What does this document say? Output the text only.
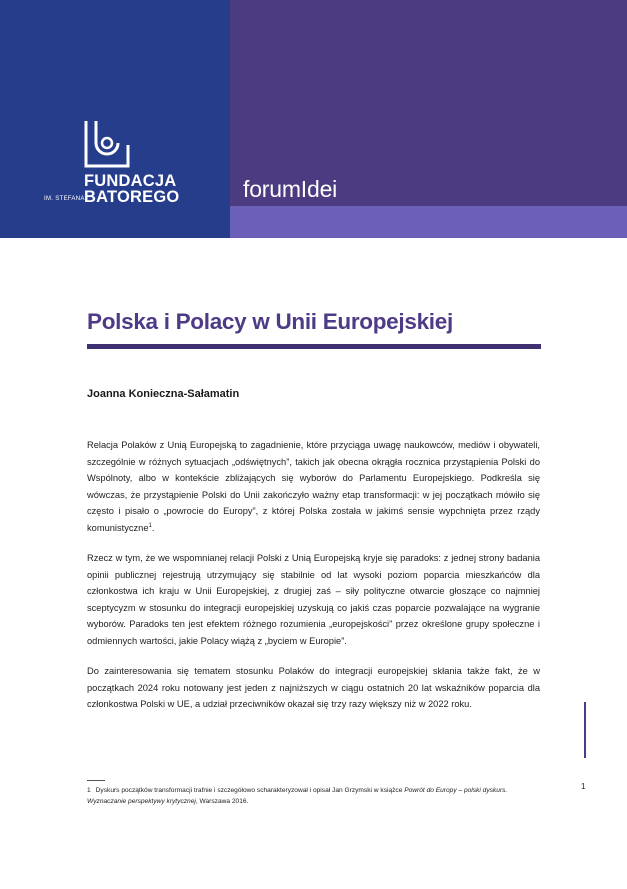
FUNDACJA
IM. STEFANA BATOREGO	forumIdei
Polska i Polacy w Unii Europejskiej

Joanna Konieczna-Sałamatin

Relacja Polaków z Unią Europejską to zagadnienie, które przyciąga uwagę naukowców, mediów i obywateli, szczególnie w różnych sytuacjach „odświętnych”, takich jak obecna okrągła rocznica przystąpienia Polski do Wspólnoty, albo w kontekście zbliżających się wyborów do Parlamentu Europejskiego. Podkreśla się wówczas, że przystąpienie Polski do Unii zakończyło ważny etap transformacji: w jej początkach mówiło się często i pisało o „powrocie do Europy”, z której Polska została w jakimś sensie wypchnięta przez rządy komunistyczne$^1$.

Rzecz w tym, że we wspomnianej relacji Polski z Unią Europejską kryje się paradoks: z jednej strony badania opinii publicznej rejestrują utrzymujący się stabilnie od lat wysoki poziom poparcia mieszkańców dla członkostwa ich kraju w Unii Europejskiej, z drugiej zaś – siły polityczne otwarcie głoszące co najmniej sceptycyzm w stosunku do integracji europejskiej uzyskują co jakiś czas poparcie pozwalające na wygranie wyborów. Paradoks ten jest efektem różnego rozumienia „europejskości” przez określone grupy społeczne i odmiennych wartości, jakie Polacy wiążą z „byciem w Europie”.

Do zainteresowania się tematem stosunku Polaków do integracji europejskiej skłania także fakt, że w początkach 2024 roku notowany jest jeden z najniższych w ciągu ostatnich 20 lat wskaźników poparcia dla członkostwa Polski w UE, a udział przeciwników okazał się trzy razy większy niż w 2022 roku.

1 Dyskurs początków transformacji trafnie i szczegółowo scharakteryzował i opisał Jan Grzymski w książce Powrót do Europy – polski dyskurs. Wyznaczanie perspektywy krytycznej, Warszawa 2016.

1
